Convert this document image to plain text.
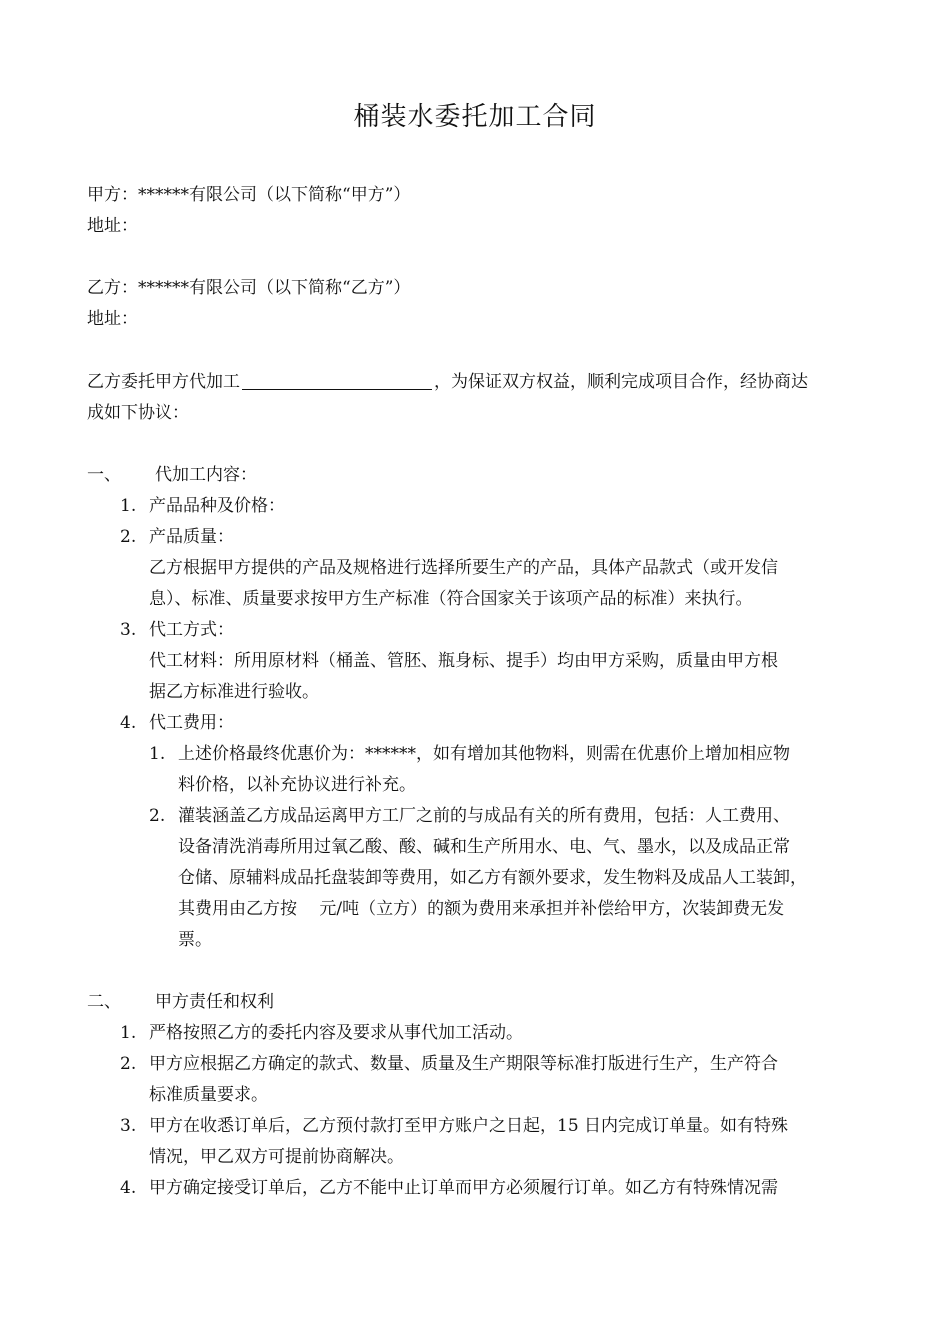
桶装水委托加工合同
甲方：******有限公司（以下简称“甲方”）
地址：
乙方：******有限公司（以下简称“乙方”）
地址：
乙方委托甲方代加工	，为保证双方权益，顺利完成项目合作，经协商达
成如下协议：
一、 代加工内容：
1. 产品品种及价格：
2. 产品质量：
乙方根据甲方提供的产品及规格进行选择所要生产的产品，具体产品款式（或开发信
息）、标准、质量要求按甲方生产标准（符合国家关于该项产品的标准）来执行。
3. 代工方式：
代工材料：所用原材料（桶盖、管胚、瓶身标、提手）均由甲方采购，质量由甲方根
据乙方标准进行验收。
4. 代工费用：
1. 上述价格最终优惠价为：******，如有增加其他物料，则需在优惠价上增加相应物
料价格，以补充协议进行补充。
2. 灌装涵盖乙方成品运离甲方工厂之前的与成品有关的所有费用，包括：人工费用、
设备清洗消毒所用过氧乙酸、酸、碱和生产所用水、电、气、墨水，以及成品正常
仓储、原辅料成品托盘装卸等费用，如乙方有额外要求，发生物料及成品人工装卸，
其费用由乙方按　 元/吨（立方）的额为费用来承担并补偿给甲方，次装卸费无发
票。
二、 甲方责任和权利
1. 严格按照乙方的委托内容及要求从事代加工活动。
2. 甲方应根据乙方确定的款式、数量、质量及生产期限等标准打版进行生产，生产符合
标准质量要求。
3. 甲方在收悉订单后，乙方预付款打至甲方账户之日起，15 日内完成订单量。如有特殊
情况，甲乙双方可提前协商解决。
4. 甲方确定接受订单后，乙方不能中止订单而甲方必须履行订单。如乙方有特殊情况需
